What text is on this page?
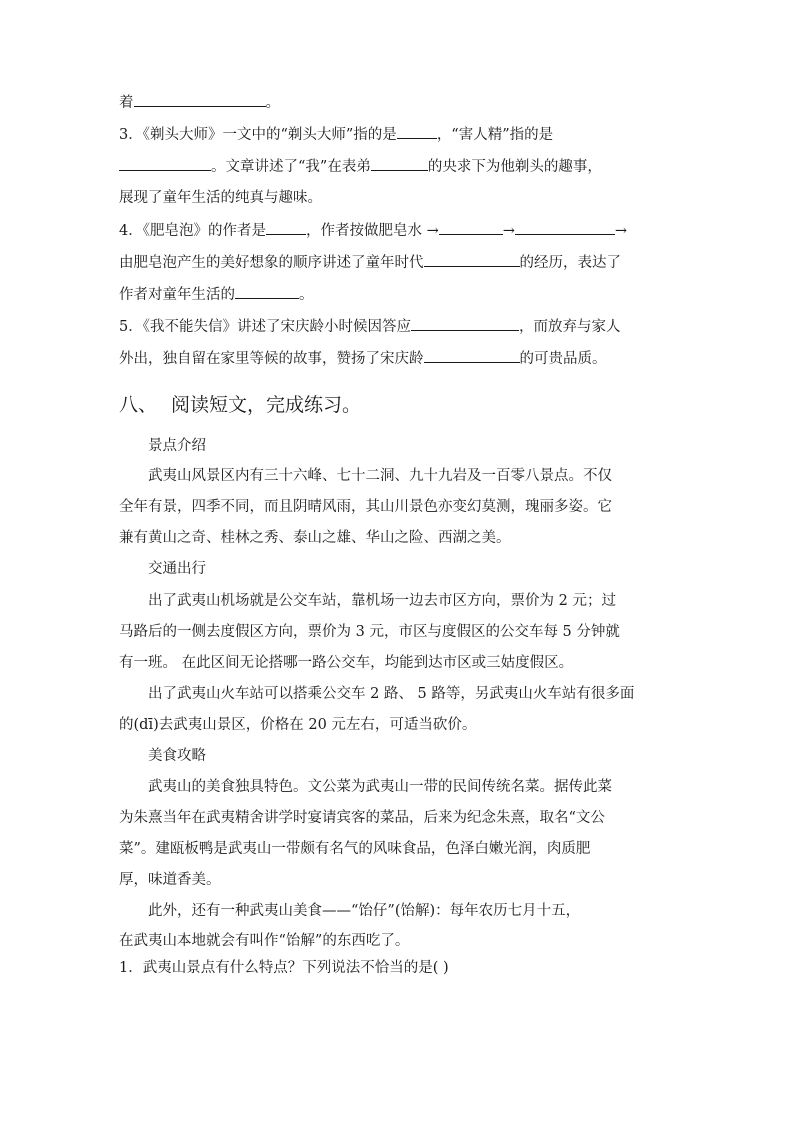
着	。
3．《剃头大师》一文中的“剃头大师”指的是	，“害人精”指的是
。文章讲述了“我”在表弟	的央求下为他剃头的趣事，
展现了童年生活的纯真与趣味。
4．《肥皂泡》的作者是	，作者按做肥皂水 →	→	→
由肥皂泡产生的美好想象的顺序讲述了童年时代	的经历，表达了
作者对童年生活的	。
5．《我不能失信》讲述了宋庆龄小时候因答应	，而放弃与家人
外出，独自留在家里等候的故事，赞扬了宋庆龄	的可贵品质。
八、 阅读短文，完成练习。
景点介绍
武夷山风景区内有三十六峰、七十二洞、九十九岩及一百零八景点。不仅
全年有景，四季不同，而且阴晴风雨，其山川景色亦变幻莫测，瑰丽多姿。它
兼有黄山之奇、桂林之秀、泰山之雄、华山之险、西湖之美。
交通出行
出了武夷山机场就是公交车站，靠机场一边去市区方向，票价为 2 元；过
马路后的一侧去度假区方向，票价为 3 元，市区与度假区的公交车每 5 分钟就
有一班。 在此区间无论搭哪一路公交车，均能到达市区或三姑度假区。
出了武夷山火车站可以搭乘公交车 2 路、 5 路等，另武夷山火车站有很多面
的(dī)去武夷山景区，价格在 20 元左右，可适当砍价。
美食攻略
武夷山的美食独具特色。文公菜为武夷山一带的民间传统名菜。据传此菜
为朱熹当年在武夷精舍讲学时宴请宾客的菜品，后来为纪念朱熹，取名“文公
菜”。建瓯板鸭是武夷山一带颇有名气的风味食品，色泽白嫩光润，肉质肥
厚，味道香美。
此外，还有一种武夷山美食——“饴仔”(饴解)：每年农历七月十五，
在武夷山本地就会有叫作“饴解”的东西吃了。
1．武夷山景点有什么特点？下列说法不恰当的是( )
